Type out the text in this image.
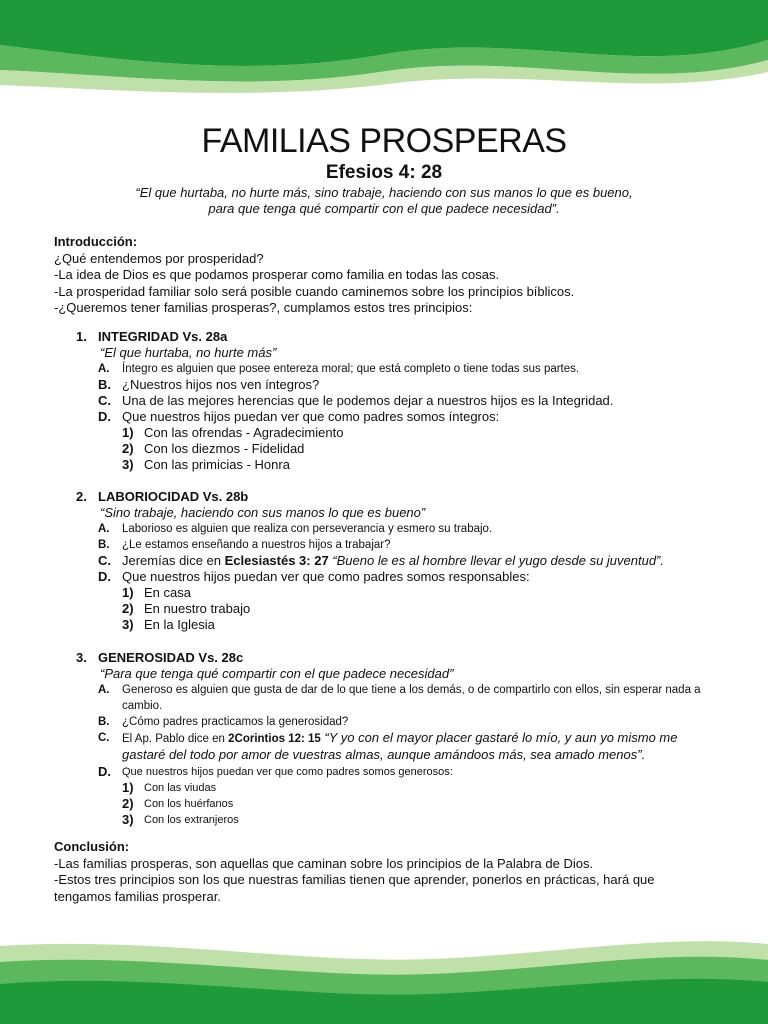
FAMILIAS PROSPERAS
Efesios 4: 28
“El que hurtaba, no hurte más, sino trabaje, haciendo con sus manos lo que es bueno,
para que tenga qué compartir con el que padece necesidad”.
Introducción:
¿Qué entendemos por prosperidad?
-La idea de Dios es que podamos prosperar como familia en todas las cosas.
-La prosperidad familiar solo será posible cuando caminemos sobre los principios bíblicos.
-¿Queremos tener familias prosperas?, cumplamos estos tres principios:
1. INTEGRIDAD Vs. 28a
“El que hurtaba, no hurte más”
A. Íntegro es alguien que posee entereza moral; que está completo o tiene todas sus partes.
B. ¿Nuestros hijos nos ven íntegros?
C. Una de las mejores herencias que le podemos dejar a nuestros hijos es la Integridad.
D. Que nuestros hijos puedan ver que como padres somos íntegros:
1) Con las ofrendas - Agradecimiento
2) Con los diezmos - Fidelidad
3) Con las primicias - Honra
2. LABORIOCIDAD Vs. 28b
“Sino trabaje, haciendo con sus manos lo que es bueno”
A. Laborioso es alguien que realiza con perseverancia y esmero su trabajo.
B. ¿Le estamos enseñando a nuestros hijos a trabajar?
C. Jeremías dice en Eclesiastés 3: 27 “Bueno le es al hombre llevar el yugo desde su juventud”.
D. Que nuestros hijos puedan ver que como padres somos responsables:
1) En casa
2) En nuestro trabajo
3) En la Iglesia
3. GENEROSIDAD Vs. 28c
“Para que tenga qué compartir con el que padece necesidad”
A. Generoso es alguien que gusta de dar de lo que tiene a los demás, o de compartirlo con ellos, sin esperar nada a cambio.
B. ¿Cómo padres practicamos la generosidad?
C. El Ap. Pablo dice en 2Corintios 12: 15 “Y yo con el mayor placer gastaré lo mío, y aun yo mismo me gastaré del todo por amor de vuestras almas, aunque amándoos más, sea amado menos”.
D. Que nuestros hijos puedan ver que como padres somos generosos:
1) Con las viudas
2) Con los huérfanos
3) Con los extranjeros
Conclusión:
-Las familias prosperas, son aquellas que caminan sobre los principios de la Palabra de Dios.
-Estos tres principios son los que nuestras familias tienen que aprender, ponerlos en prácticas, hará que tengamos familias prosperar.
